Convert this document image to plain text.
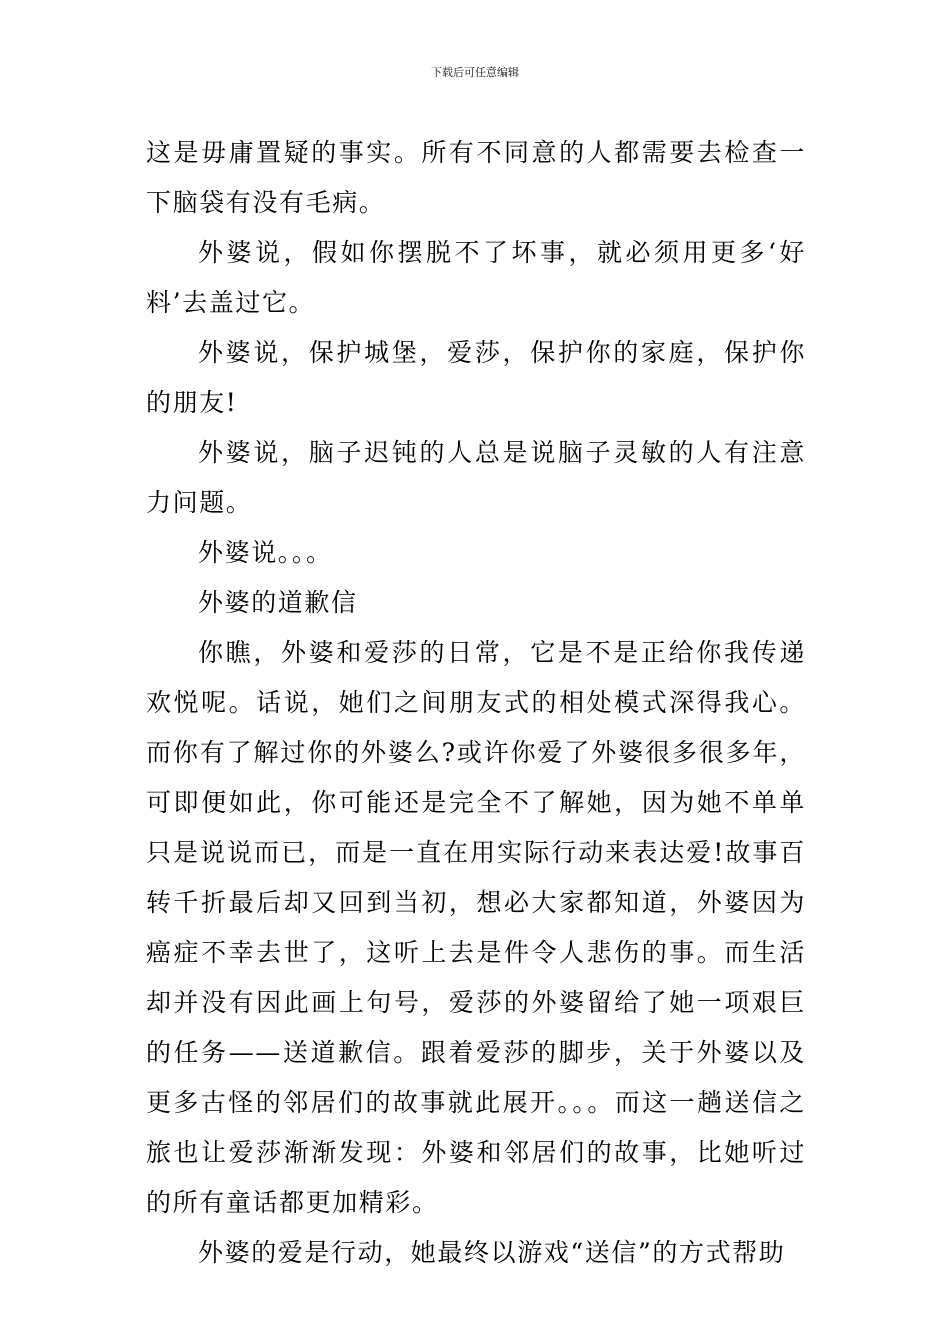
下载后可任意编辑

这是毋庸置疑的事实。所有不同意的人都需要去检查一下脑袋有没有毛病。

外婆说，假如你摆脱不了坏事，就必须用更多‘好料’去盖过它。

外婆说，保护城堡，爱莎，保护你的家庭，保护你的朋友!

外婆说，脑子迟钝的人总是说脑子灵敏的人有注意力问题。

外婆说。。。

外婆的道歉信

你瞧，外婆和爱莎的日常，它是不是正给你我传递欢悦呢。话说，她们之间朋友式的相处模式深得我心。而你有了解过你的外婆么?或许你爱了外婆很多很多年，可即便如此，你可能还是完全不了解她，因为她不单单只是说说而已，而是一直在用实际行动来表达爱!故事百转千折最后却又回到当初，想必大家都知道，外婆因为癌症不幸去世了，这听上去是件令人悲伤的事。而生活却并没有因此画上句号，爱莎的外婆留给了她一项艰巨的任务——送道歉信。跟着爱莎的脚步，关于外婆以及更多古怪的邻居们的故事就此展开。。。而这一趟送信之旅也让爱莎渐渐发现：外婆和邻居们的故事，比她听过的所有童话都更加精彩。

外婆的爱是行动，她最终以游戏“送信”的方式帮助
